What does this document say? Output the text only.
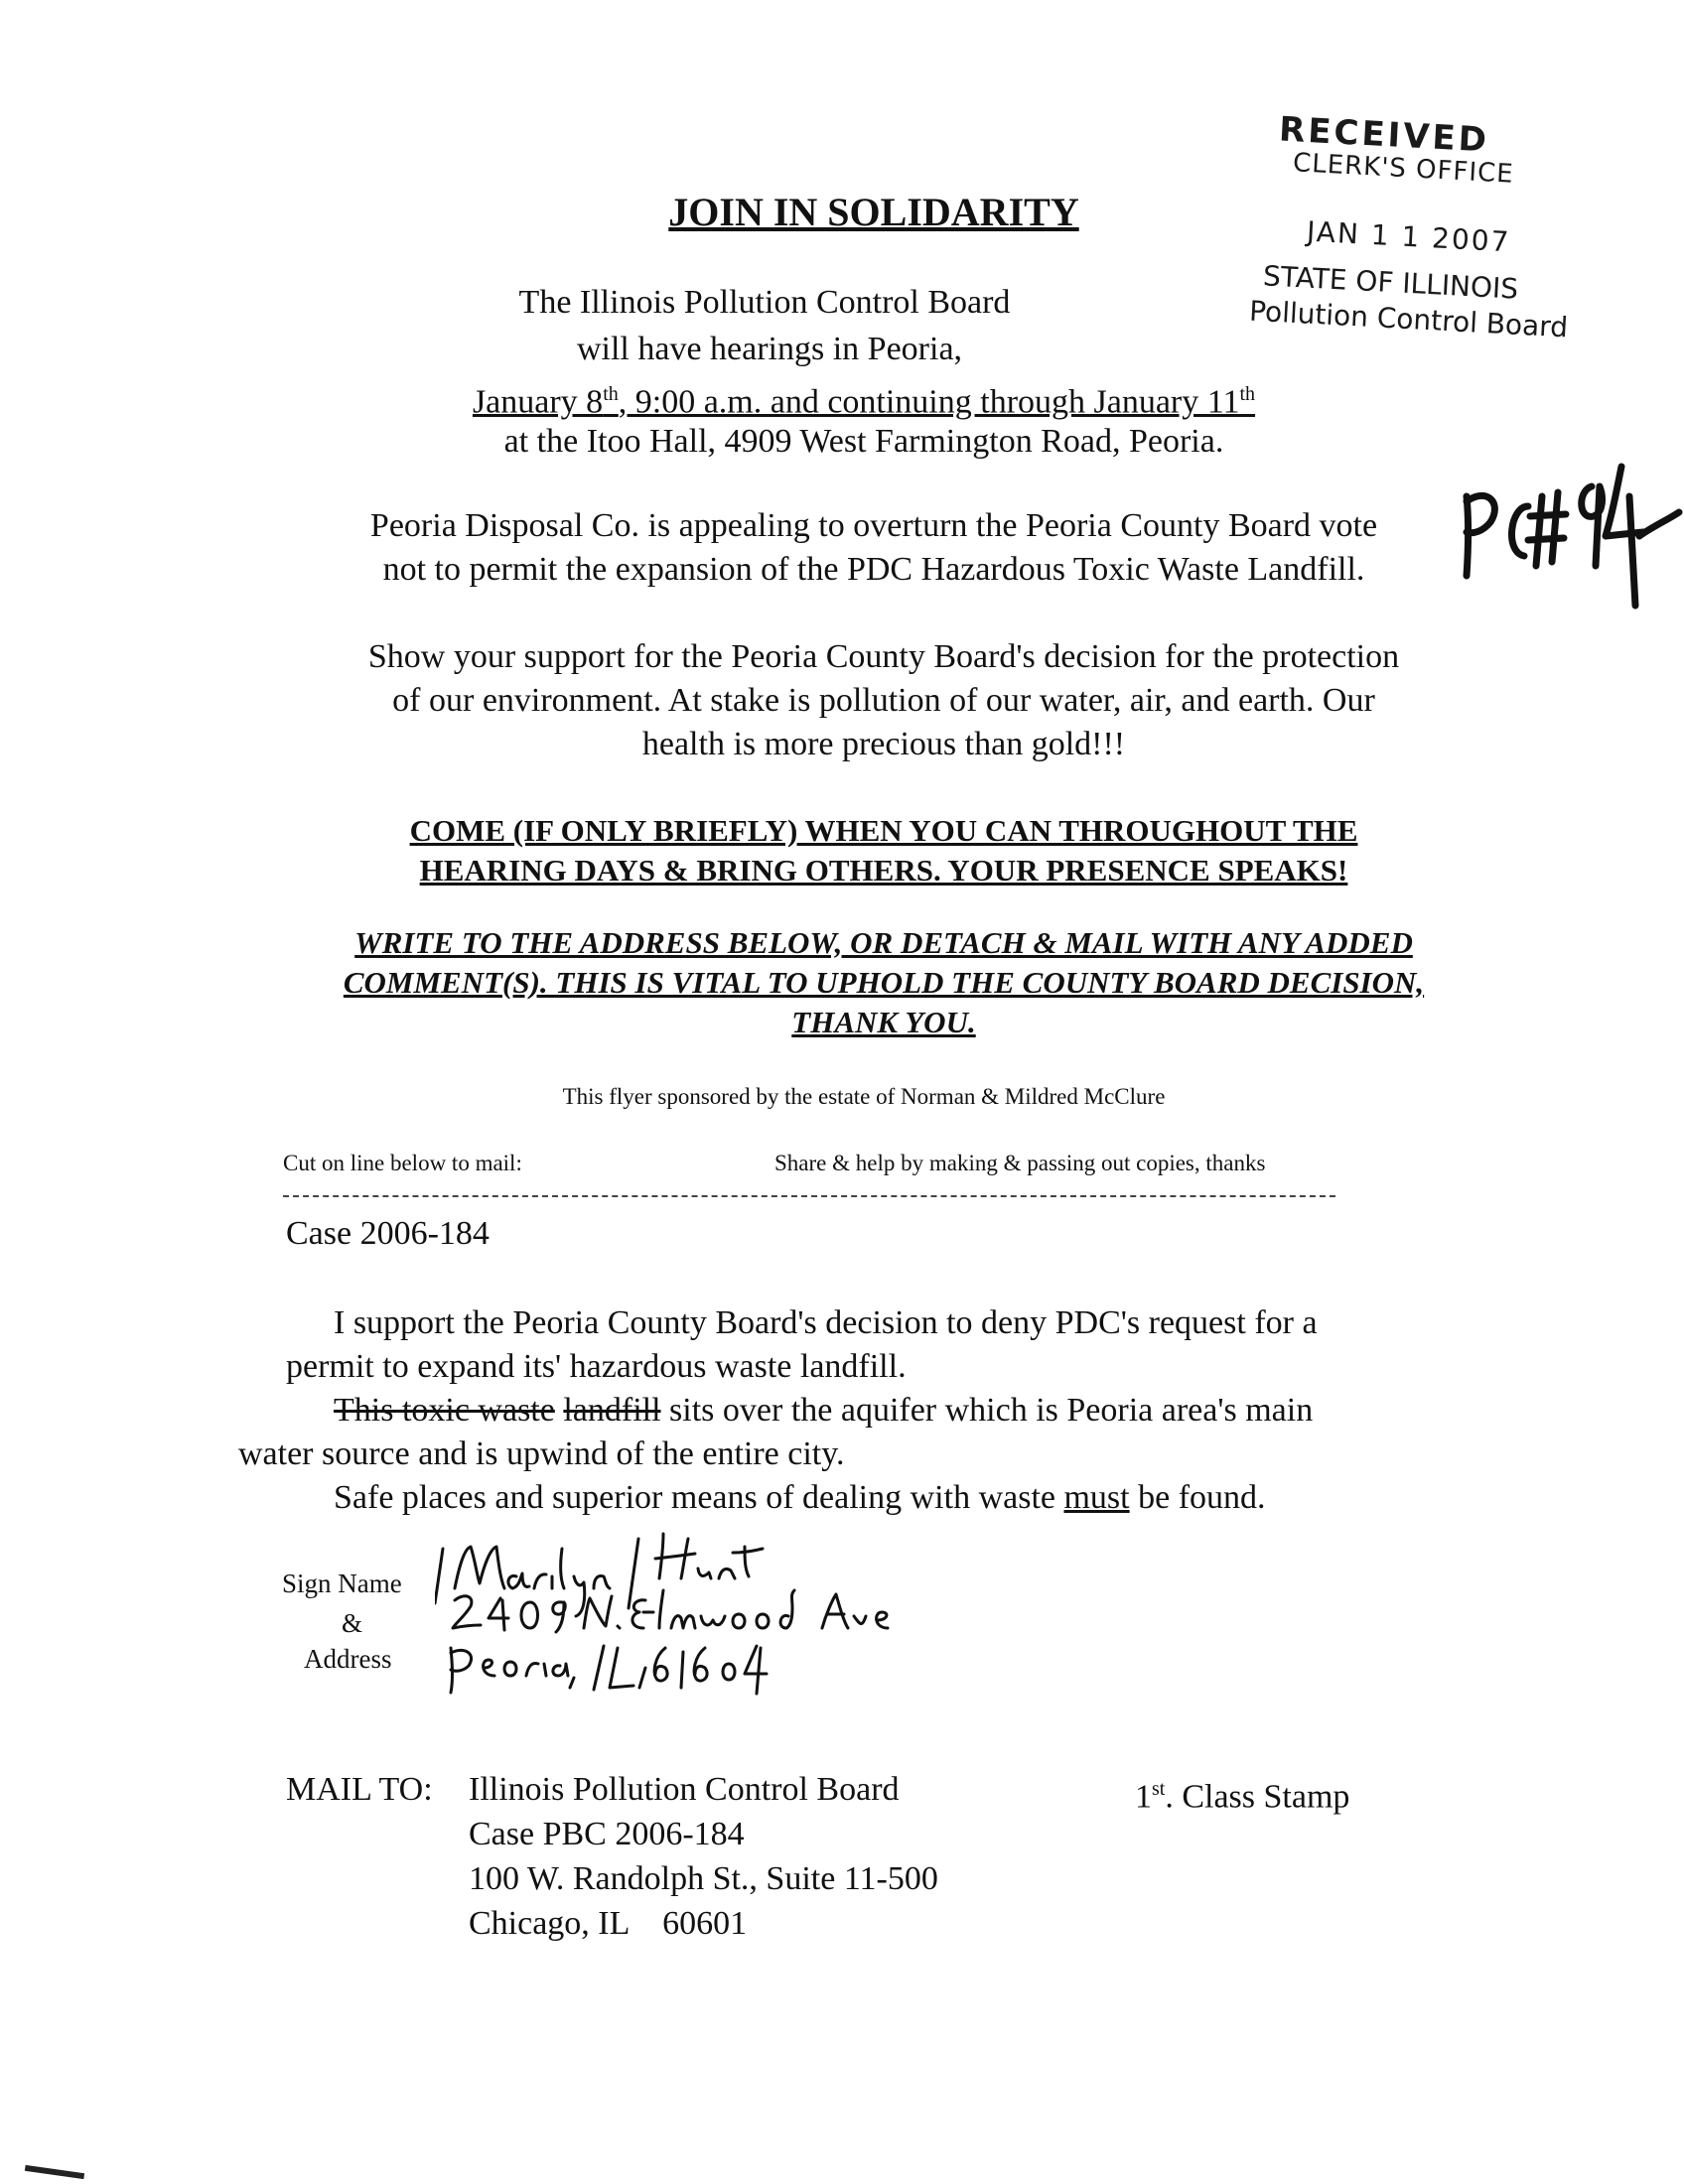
JOIN IN SOLIDARITY
RECEIVED
CLERK'S OFFICE
JAN 1 1 2007
STATE OF ILLINOIS
Pollution Control Board
The Illinois Pollution Control Board
will have hearings in Peoria,
January 8th, 9:00 a.m. and continuing through January 11th
at the Itoo Hall, 4909 West Farmington Road, Peoria.
Peoria Disposal Co. is appealing to overturn the Peoria County Board vote
not to permit the expansion of the PDC Hazardous Toxic Waste Landfill.
Show your support for the Peoria County Board's decision for the protection
of our environment. At stake is pollution of our water, air, and earth. Our
health is more precious than gold!!!
COME (IF ONLY BRIEFLY) WHEN YOU CAN THROUGHOUT THE
HEARING DAYS & BRING OTHERS. YOUR PRESENCE SPEAKS!
WRITE TO THE ADDRESS BELOW, OR DETACH & MAIL WITH ANY ADDED
COMMENT(S). THIS IS VITAL TO UPHOLD THE COUNTY BOARD DECISION,
THANK YOU.
This flyer sponsored by the estate of Norman & Mildred McClure
Cut on line below to mail:	Share & help by making & passing out copies, thanks
Case 2006-184
I support the Peoria County Board's decision to deny PDC's request for a
permit to expand its' hazardous waste landfill.
This toxic waste landfill sits over the aquifer which is Peoria area's main
water source and is upwind of the entire city.
Safe places and superior means of dealing with waste must be found.
Sign Name
&
Address
MAIL TO: Illinois Pollution Control Board
Case PBC 2006-184
100 W. Randolph St., Suite 11-500
Chicago, IL    60601
1st. Class Stamp
